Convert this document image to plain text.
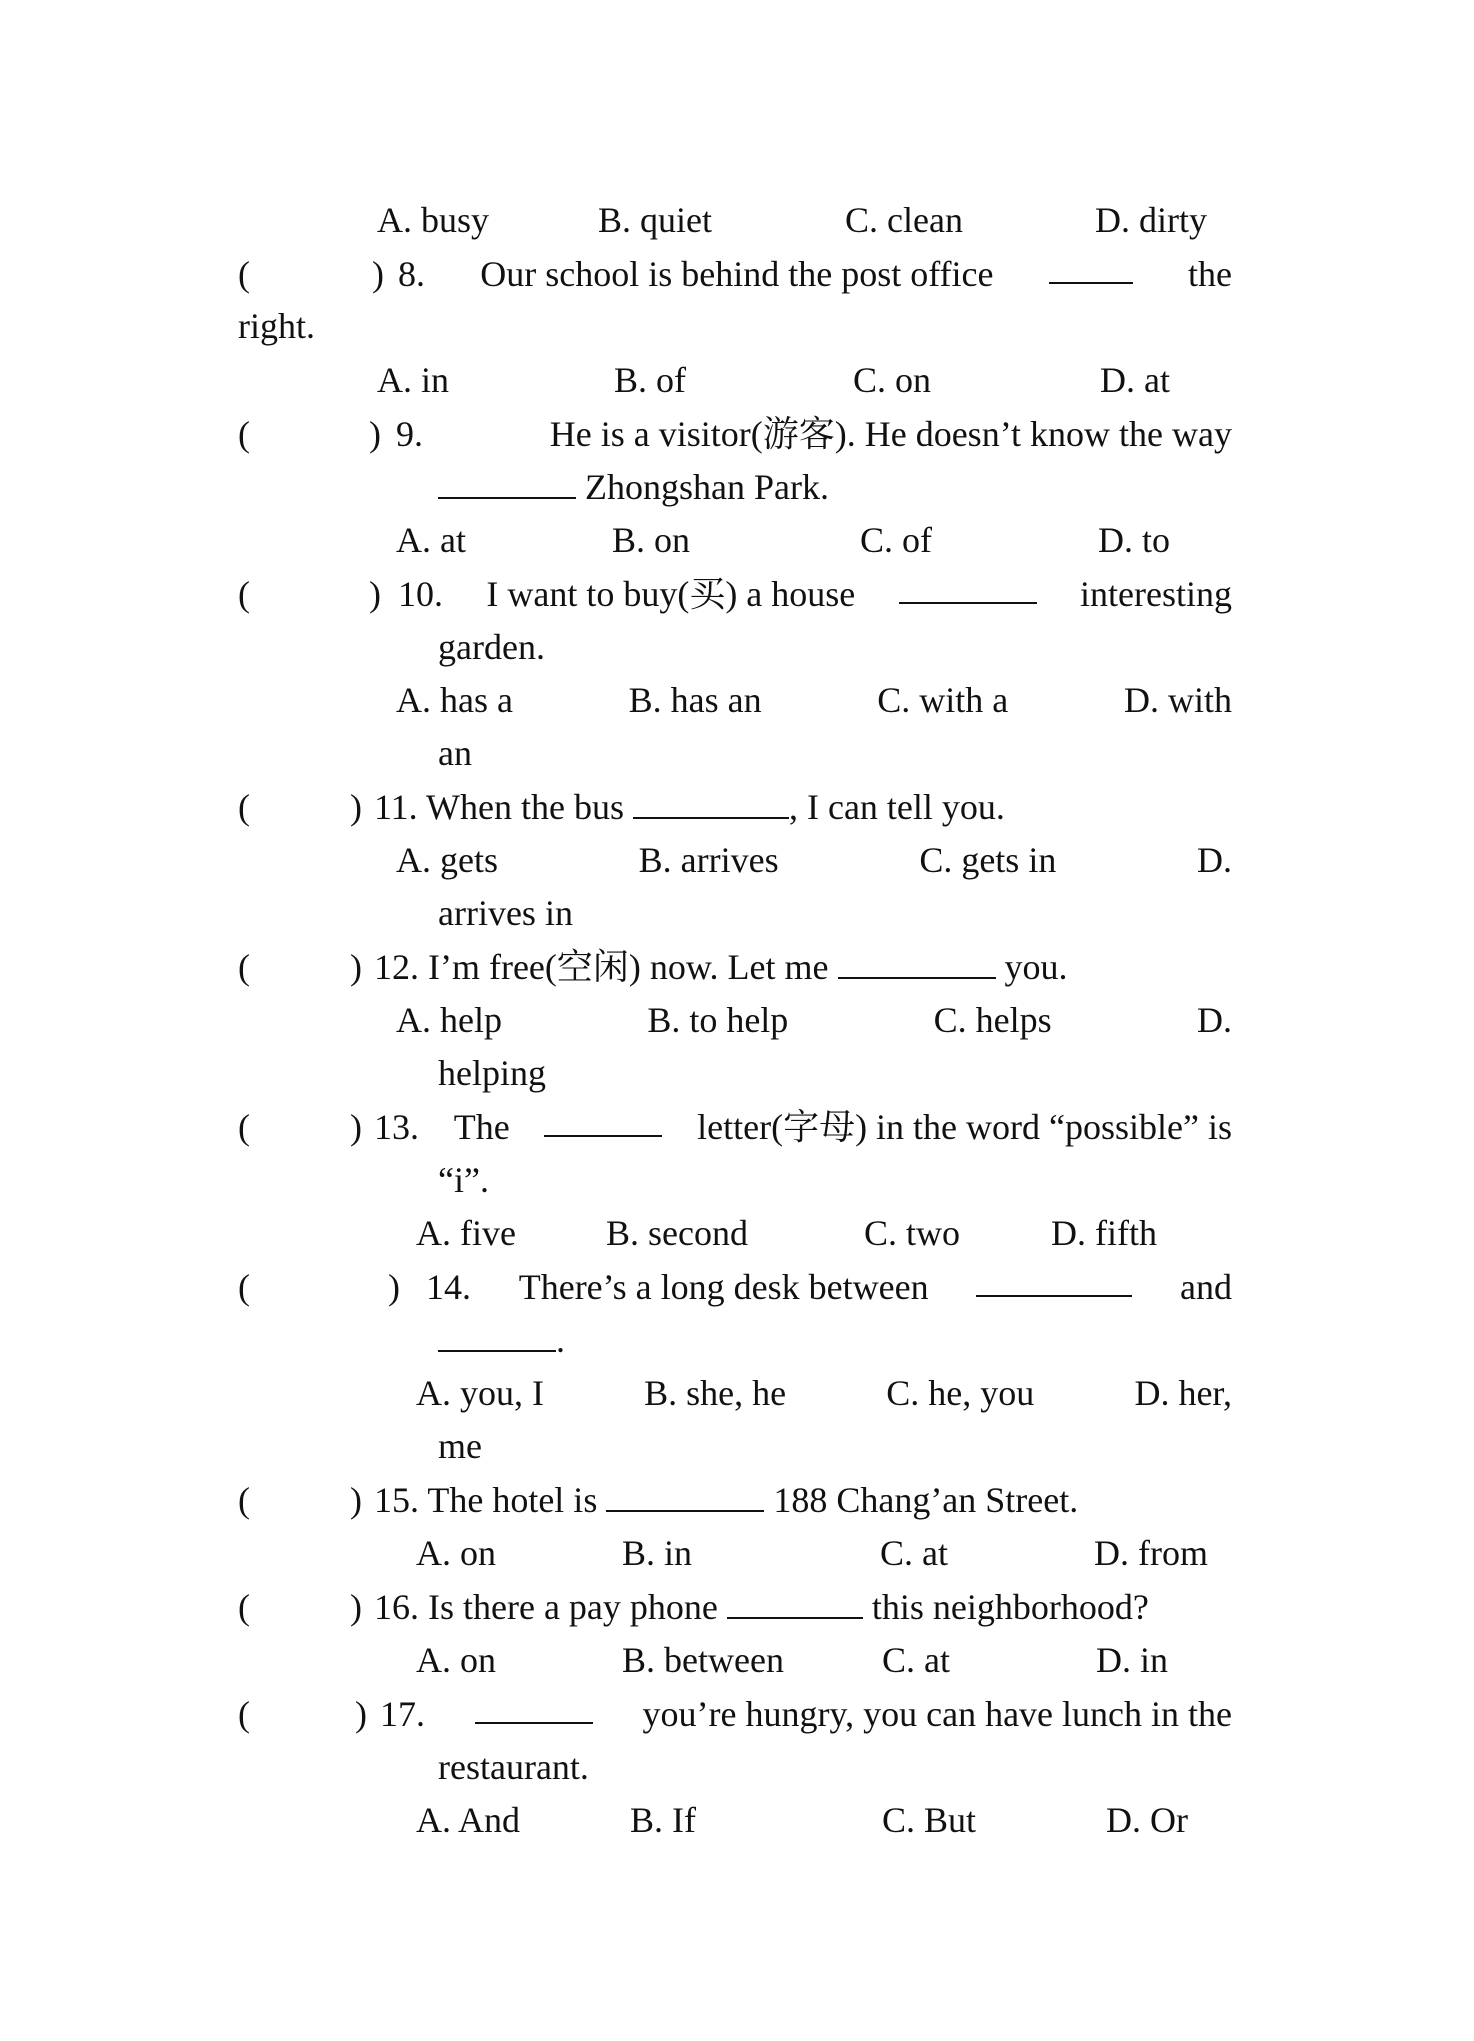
A. busy	B. quiet	C. clean	D. dirty
(	) 8. Our school is behind the post office	the
right.
A. in	B. of	C. on	D. at
(	) 9.	He is a visitor(游客). He doesn’t know the way
Zhongshan Park.
A. at	B. on	C. of	D. to
(	) 10. I want to buy(买) a house	interesting
garden.
A. has a	B. has an	C. with a	D. with
an
(	) 11. When the bus	, I can tell you.
A. gets	B. arrives	C. gets in	D.
arrives in
(	) 12. I’m free(空闲) now. Let me	you.
A. help	B. to help	C. helps	D.
helping
(	) 13. The	letter(字母) in the word “possible” is
“i”.
A. five	B. second	C. two	D. fifth
(	) 14. There’s a long desk between	and
.
A. you, I	B. she, he	C. he, you	D. her,
me
(	) 15. The hotel is	188 Chang’an Street.
A. on	B. in	C. at	D. from
(	) 16. Is there a pay phone	this neighborhood?
A. on	B. between	C. at	D. in
(	) 17.	you’re hungry, you can have lunch in the
restaurant.
A. And	B. If	C. But	D. Or
